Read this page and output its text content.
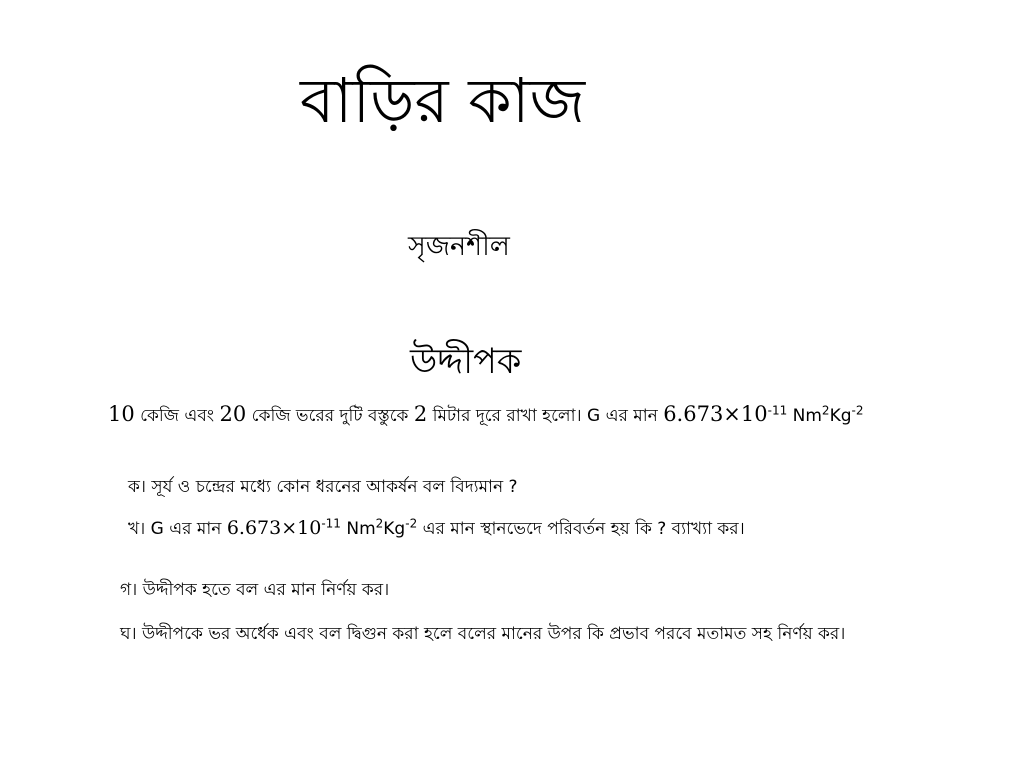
বাড়ির কাজ
সৃজনশীল
উদ্দীপক
10 কেজি এবং 20 কেজি ভরের দুটি বস্তুকে 2 মিটার দূরে রাখা হলো। G এর মান $6.673\times 10^{-11}$ $Nm^2Kg^{-2}$
ক। সূর্য ও চন্দ্রের মধ্যে কোন ধরনের আকর্ষন বল বিদ্যমান ?
খ। G এর মান $6.673\times 10^{-11}$ $Nm^2Kg^{-2}$ এর মান স্থানভেদে পরিবর্তন হয় কি ? ব্যাখ্যা কর।
গ। উদ্দীপক হতে বল এর মান নির্ণয় কর।
ঘ। উদ্দীপকে ভর অর্ধেক এবং বল দ্বিগুন করা হলে বলের মানের উপর কি প্রভাব পরবে মতামত সহ নির্ণয় কর।
